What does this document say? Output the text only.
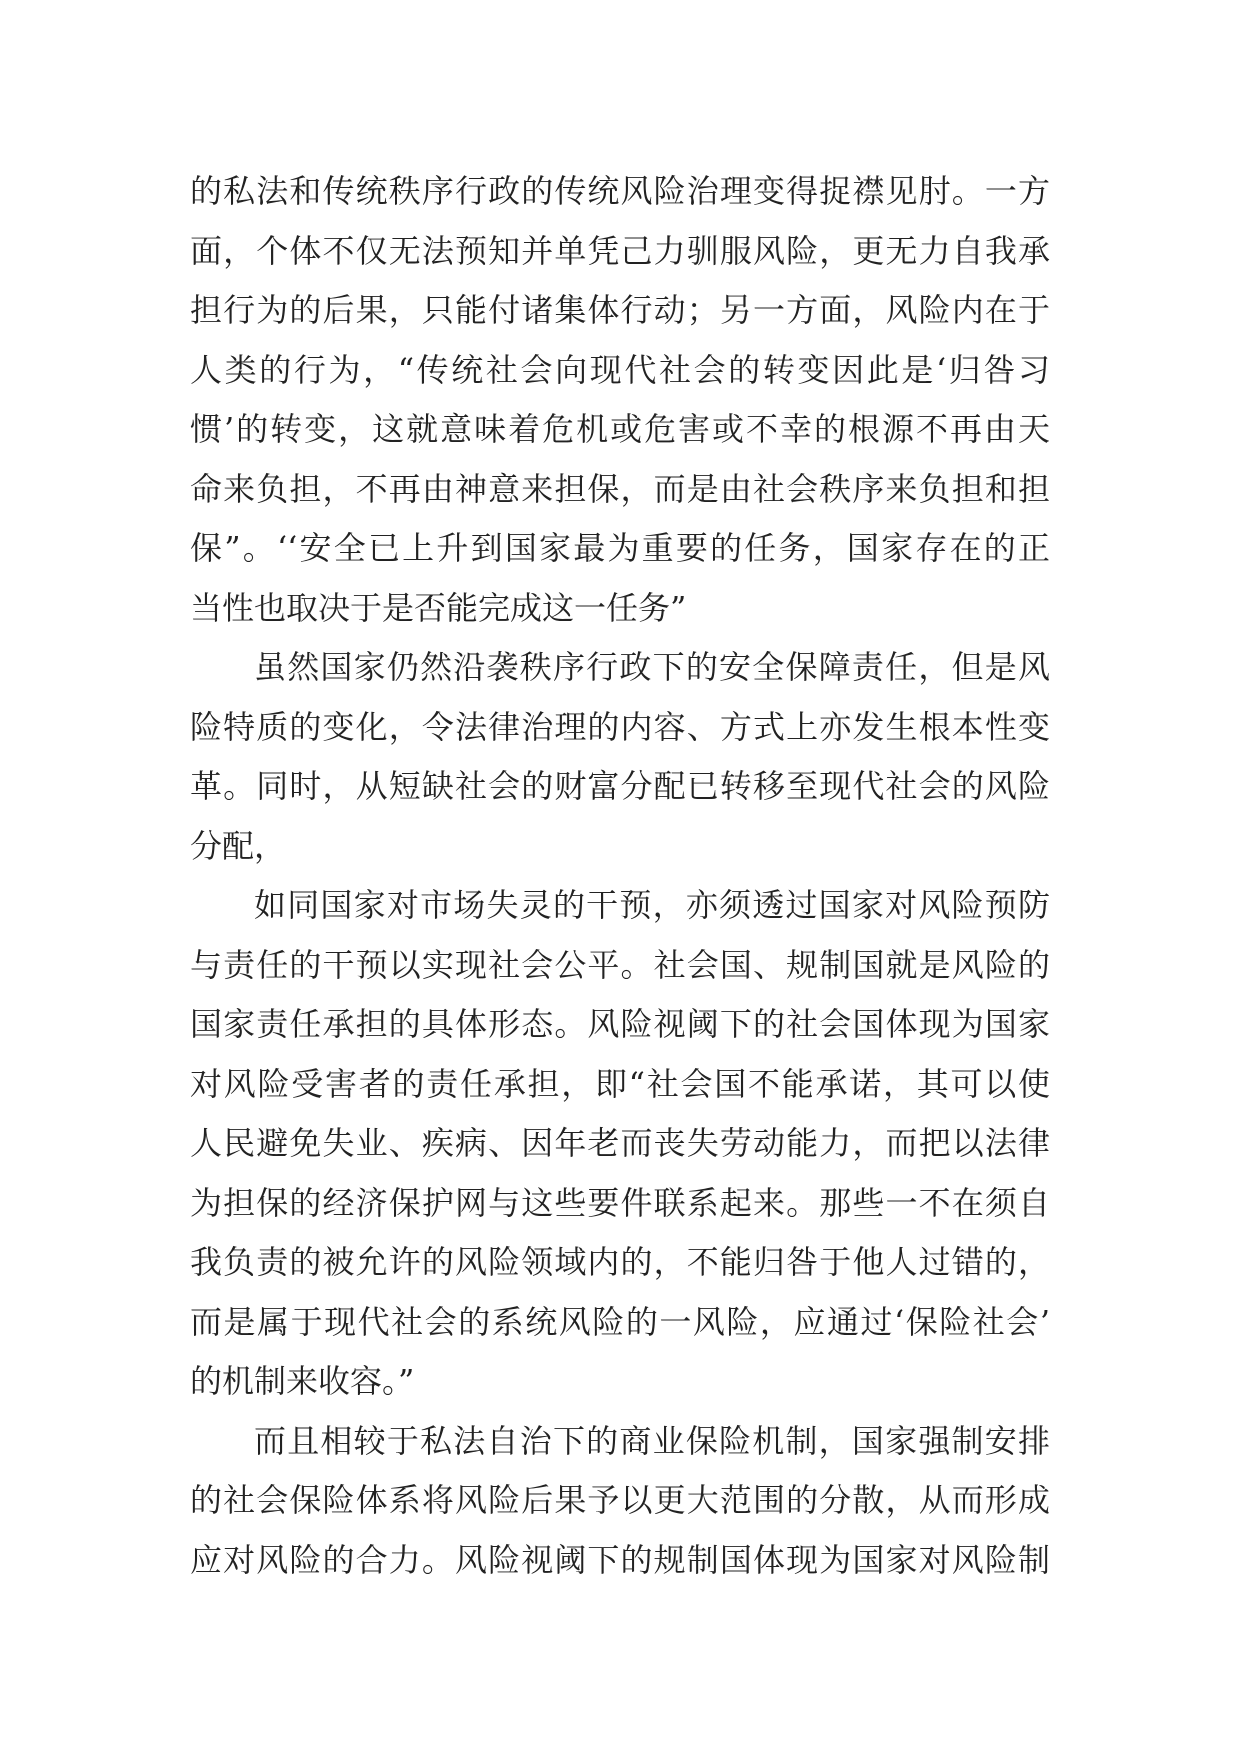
的私法和传统秩序行政的传统风险治理变得捉襟见肘。一方
面，个体不仅无法预知并单凭己力驯服风险，更无力自我承
担行为的后果，只能付诸集体行动；另一方面，风险内在于
人类的行为，“传统社会向现代社会的转变因此是‘归咎习
惯’的转变，这就意味着危机或危害或不幸的根源不再由天
命来负担，不再由神意来担保，而是由社会秩序来负担和担
保”。‘‘安全已上升到国家最为重要的任务，国家存在的正
当性也取决于是否能完成这一任务”
虽然国家仍然沿袭秩序行政下的安全保障责任，但是风
险特质的变化，令法律治理的内容、方式上亦发生根本性变
革。同时，从短缺社会的财富分配已转移至现代社会的风险
分配，
如同国家对市场失灵的干预，亦须透过国家对风险预防
与责任的干预以实现社会公平。社会国、规制国就是风险的
国家责任承担的具体形态。风险视阈下的社会国体现为国家
对风险受害者的责任承担，即“社会国不能承诺，其可以使
人民避免失业、疾病、因年老而丧失劳动能力，而把以法律
为担保的经济保护网与这些要件联系起来。那些一不在须自
我负责的被允许的风险领域内的，不能归咎于他人过错的，
而是属于现代社会的系统风险的一风险，应通过‘保险社会’
的机制来收容。”
而且相较于私法自治下的商业保险机制，国家强制安排
的社会保险体系将风险后果予以更大范围的分散，从而形成
应对风险的合力。风险视阈下的规制国体现为国家对风险制
